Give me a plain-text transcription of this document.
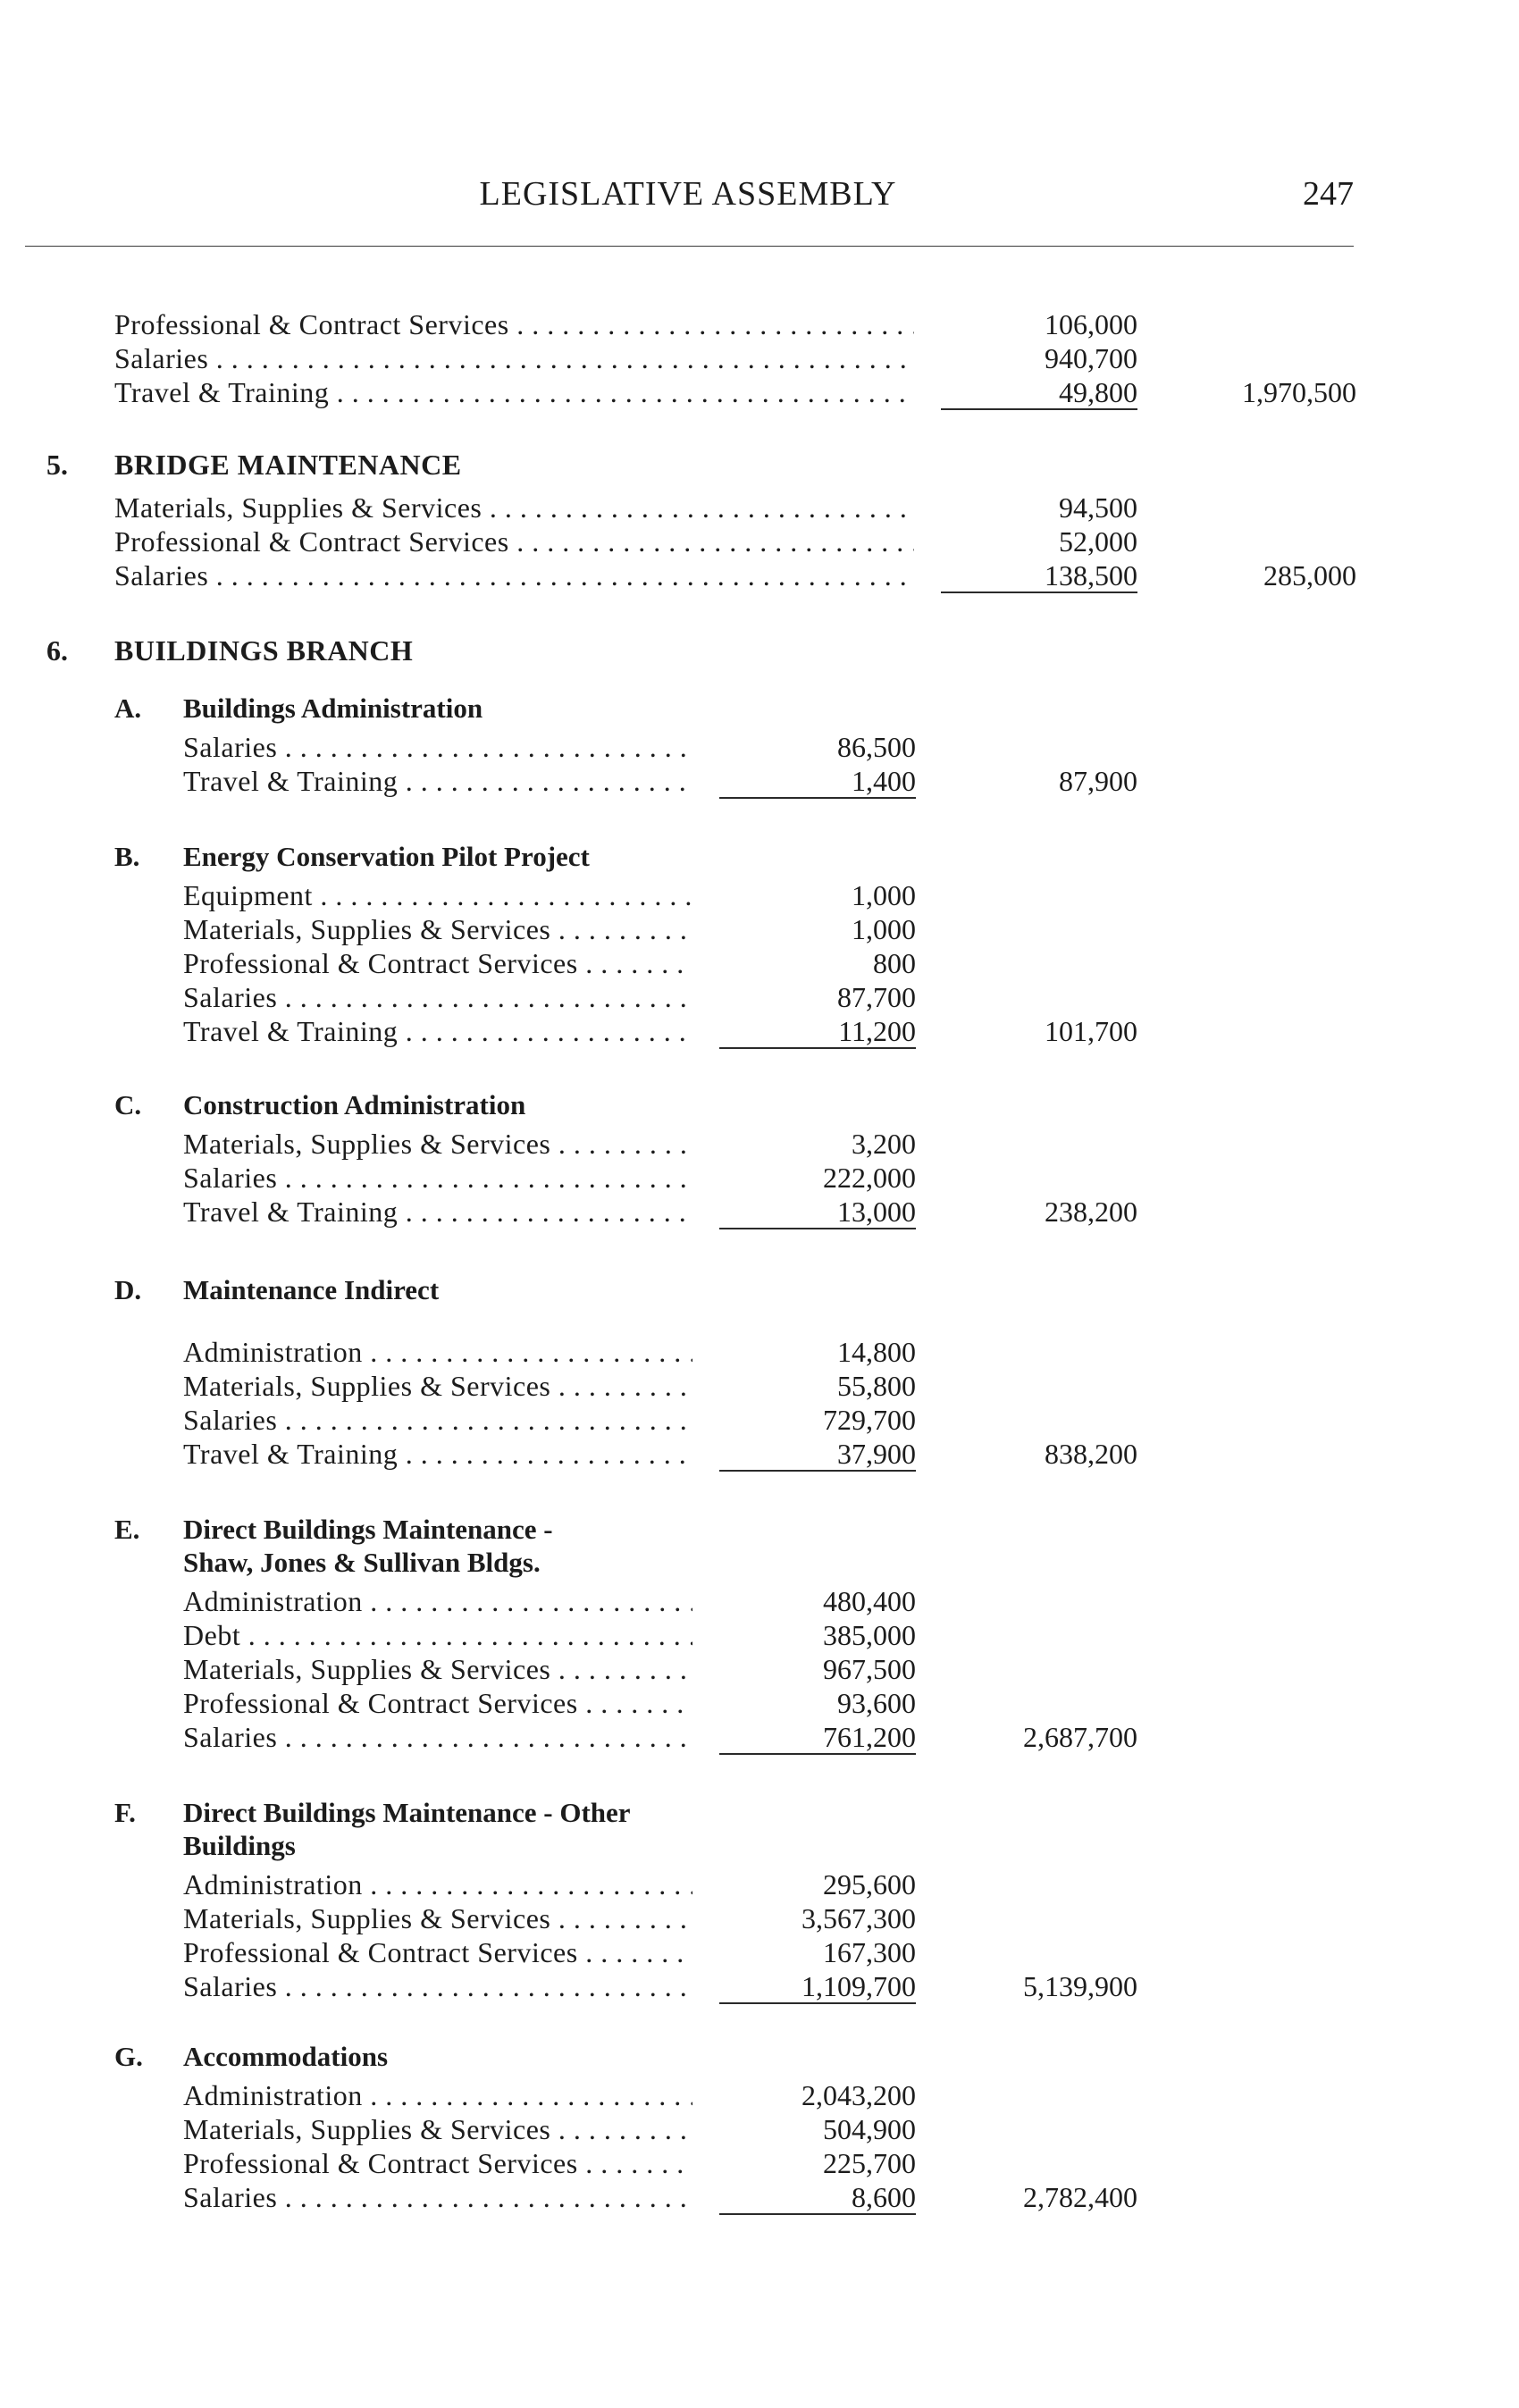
LEGISLATIVE ASSEMBLY	247
Professional & Contract Services . . .	106,000
Salaries . . .	940,700
Travel & Training . . .	49,800	1,970,500
5. BRIDGE MAINTENANCE
Materials, Supplies & Services . . .	94,500
Professional & Contract Services . . .	52,000
Salaries . . .	138,500	285,000
6. BUILDINGS BRANCH
A. Buildings Administration
Salaries . . .	86,500
Travel & Training . . .	1,400	87,900
B. Energy Conservation Pilot Project
Equipment . . .	1,000
Materials, Supplies & Services . . .	1,000
Professional & Contract Services . . .	800
Salaries . . .	87,700
Travel & Training . . .	11,200	101,700
C. Construction Administration
Materials, Supplies & Services . . .	3,200
Salaries . . .	222,000
Travel & Training . . .	13,000	238,200
D. Maintenance Indirect
Administration . . .	14,800
Materials, Supplies & Services . . .	55,800
Salaries . . .	729,700
Travel & Training . . .	37,900	838,200
E. Direct Buildings Maintenance -
Shaw, Jones & Sullivan Bldgs.
Administration . . .	480,400
Debt . . .	385,000
Materials, Supplies & Services . . .	967,500
Professional & Contract Services . . .	93,600
Salaries . . .	761,200	2,687,700
F. Direct Buildings Maintenance - Other
Buildings
Administration . . .	295,600
Materials, Supplies & Services . . .	3,567,300
Professional & Contract Services . . .	167,300
Salaries . . .	1,109,700	5,139,900
G. Accommodations
Administration . . .	2,043,200
Materials, Supplies & Services . . .	504,900
Professional & Contract Services . . .	225,700
Salaries . . .	8,600	2,782,400
